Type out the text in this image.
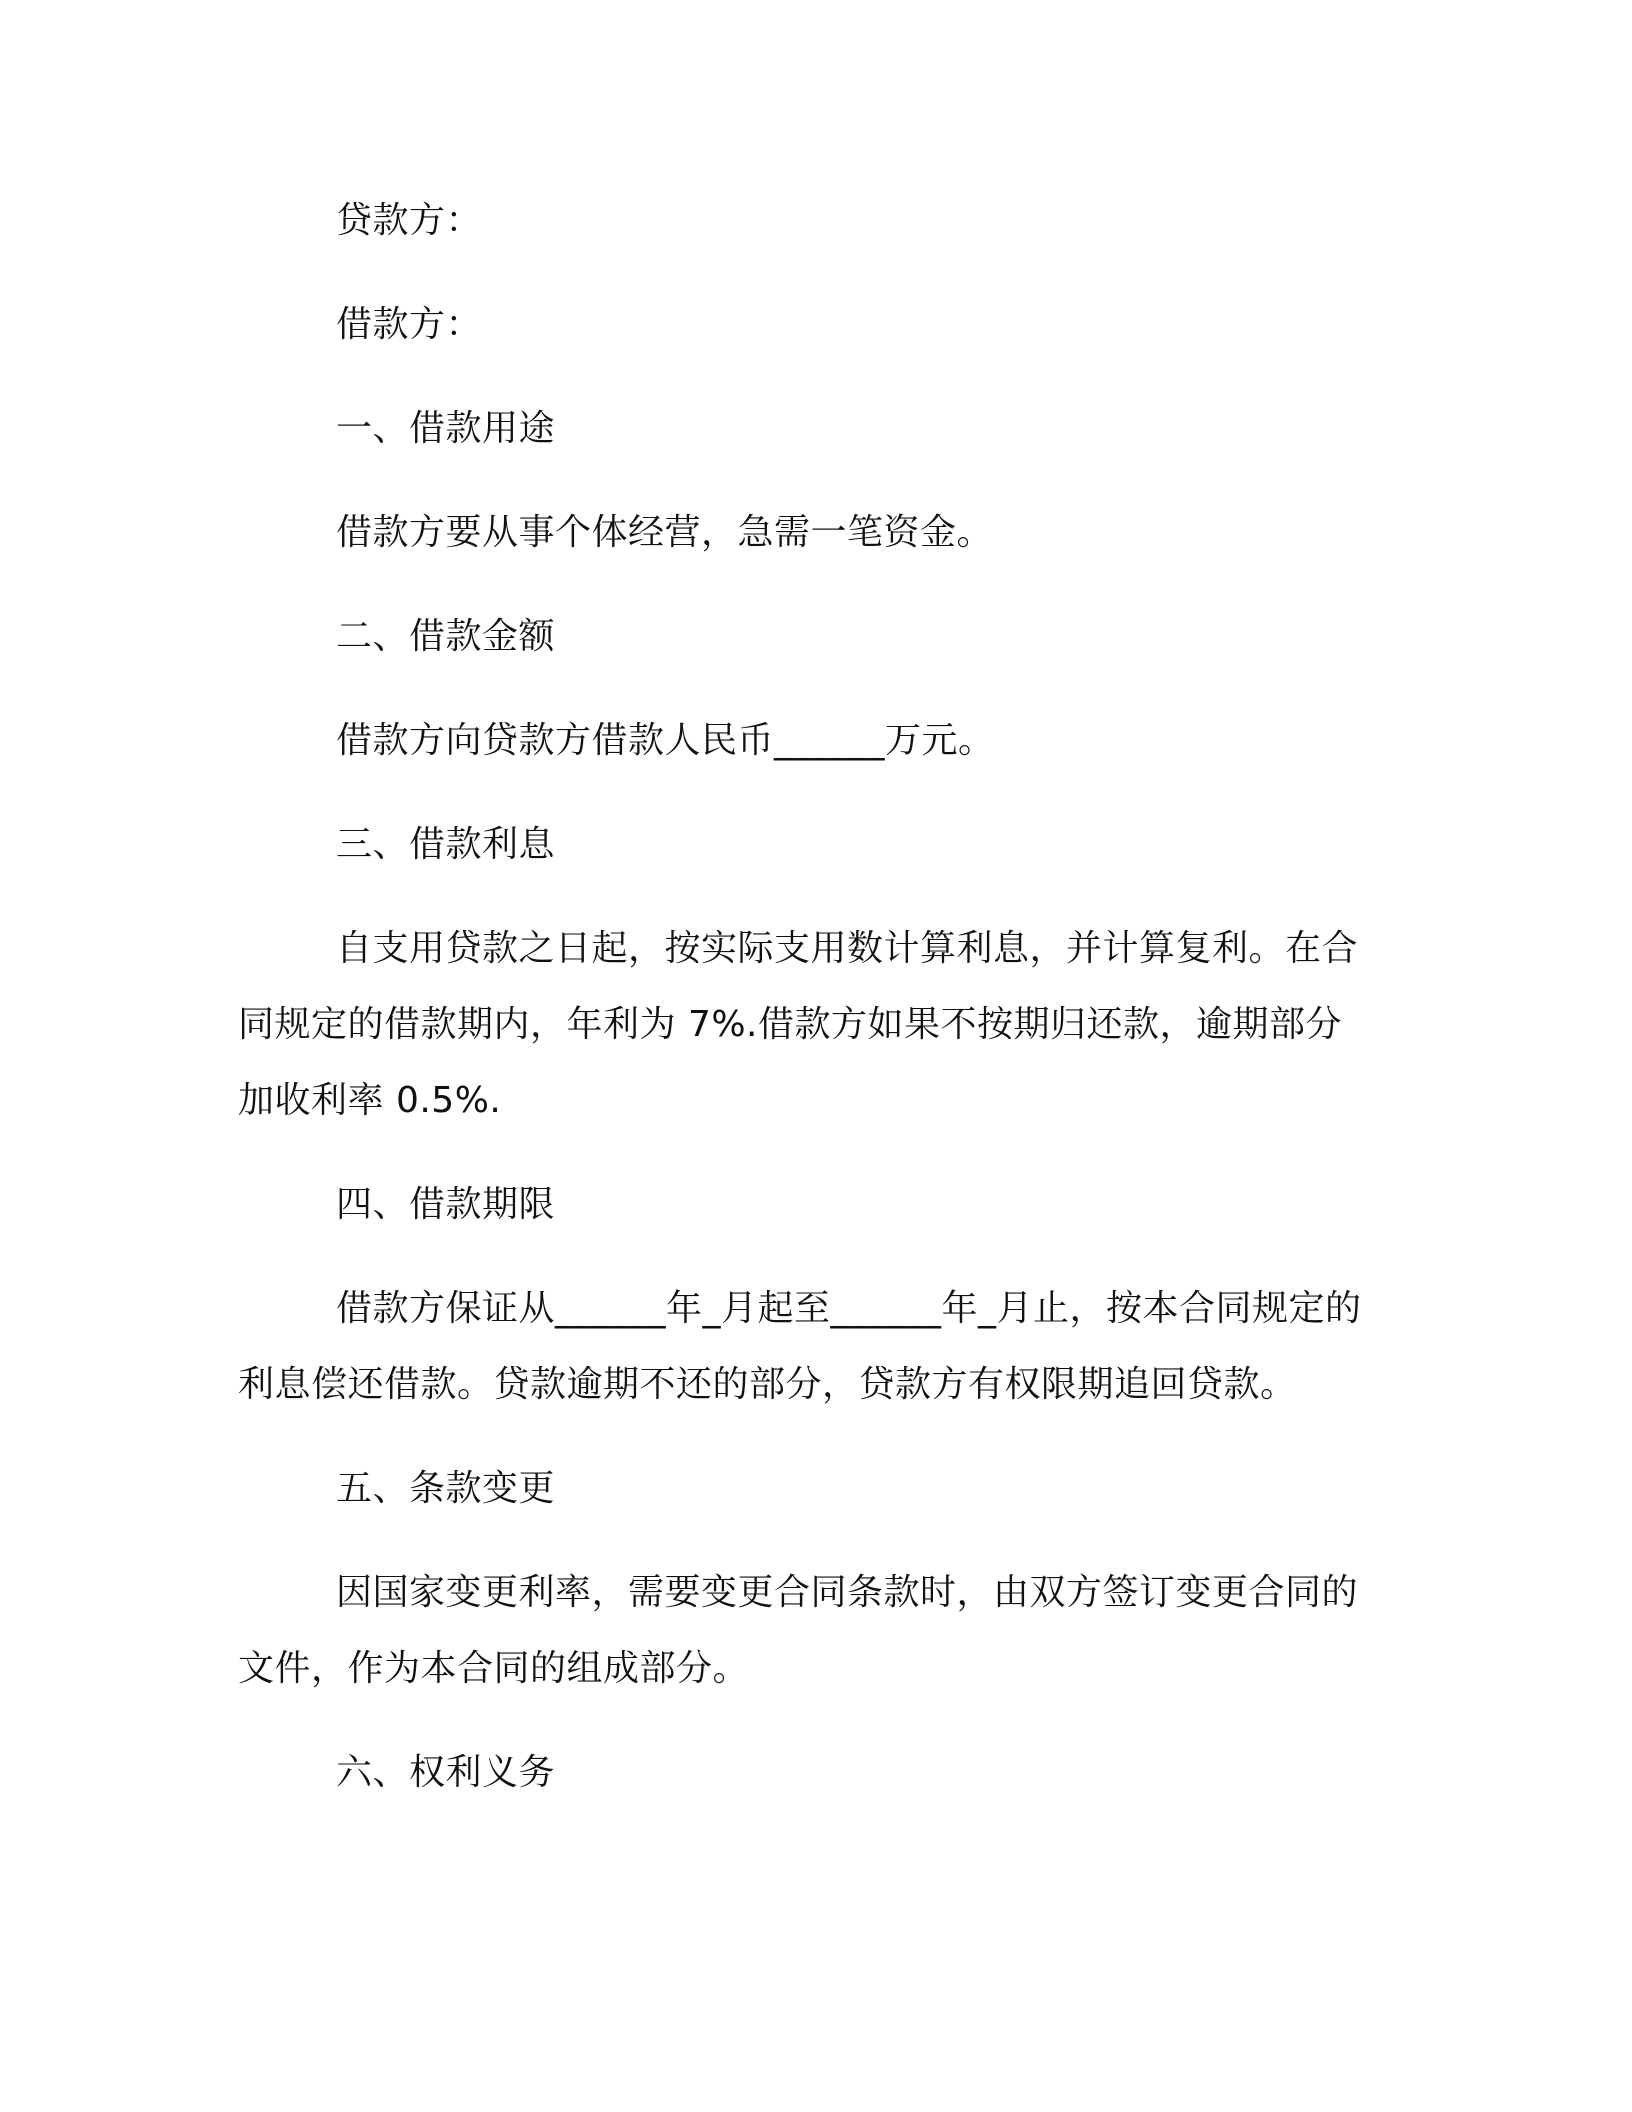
贷款方：

借款方：

一、借款用途

借款方要从事个体经营，急需一笔资金。

二、借款金额

借款方向贷款方借款人民币______万元。

三、借款利息

自支用贷款之日起，按实际支用数计算利息，并计算复利。在合同规定的借款期内，年利为 7%.借款方如果不按期归还款，逾期部分加收利率 0.5%.

四、借款期限

借款方保证从______年_月起至______年_月止，按本合同规定的利息偿还借款。贷款逾期不还的部分，贷款方有权限期追回贷款。

五、条款变更

因国家变更利率，需要变更合同条款时，由双方签订变更合同的文件，作为本合同的组成部分。

六、权利义务
